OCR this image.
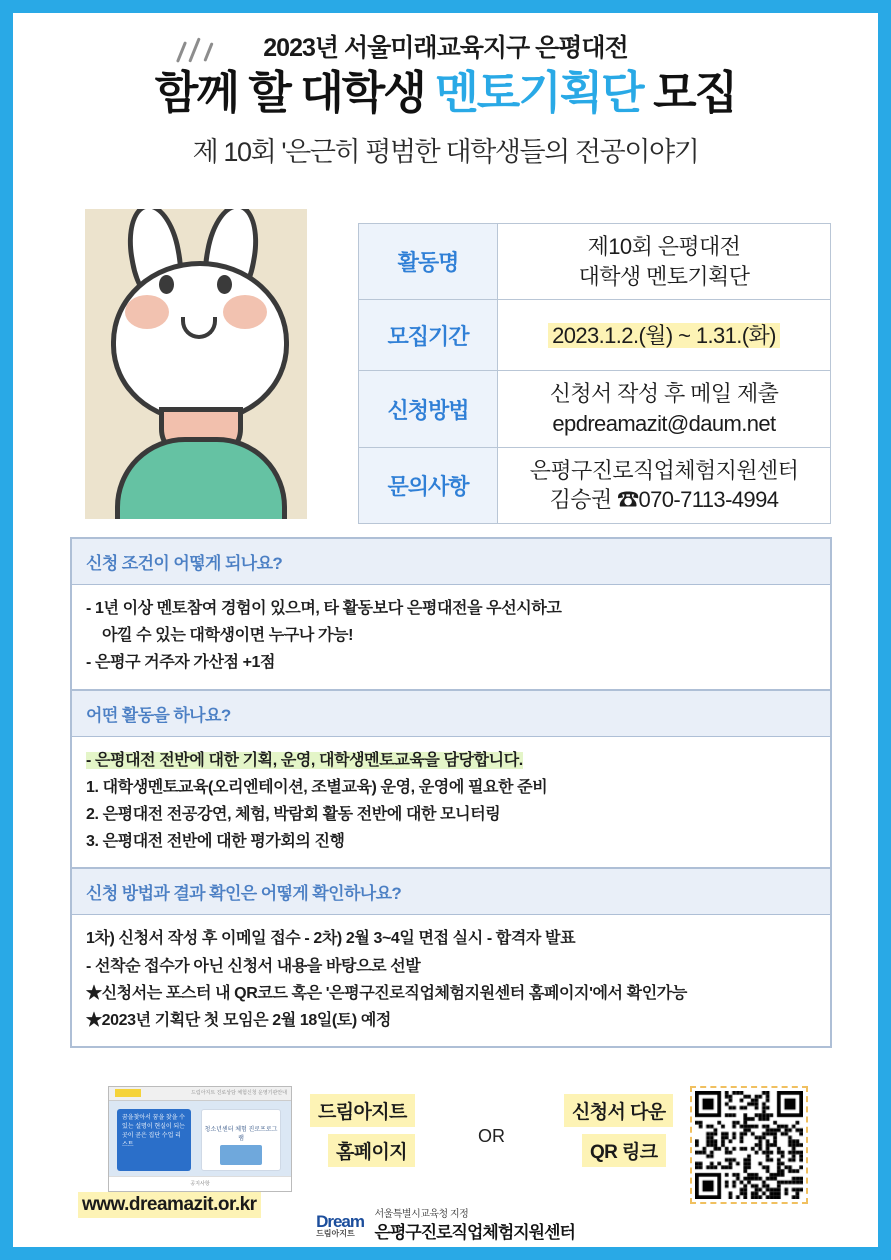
2023년 서울미래교육지구 은평대전
함께 할 대학생 멘토기획단 모집
제 10회 '은근히 평범한 대학생들의 전공이야기
활동명	제10회 은평대전
대학생 멘토기획단

모집기간	2023.1.2.(월) ~ 1.31.(화)

신청방법	신청서 작성 후 메일 제출
epdreamazit@daum.net

문의사항	은평구진로직업체험지원센터
김승권 ☎070-7113-4994
신청 조건이 어떻게 되나요?
- 1년 이상 멘토참여 경험이 있으며, 타 활동보다 은평대전을 우선시하고
아낄 수 있는 대학생이면 누구나 가능!
- 은평구 거주자 가산점 +1점
어떤 활동을 하나요?
- 은평대전 전반에 대한 기획, 운영, 대학생멘토교육을 담당합니다.
1. 대학생멘토교육(오리엔테이션, 조별교육) 운영, 운영에 필요한 준비
2. 은평대전 전공강연, 체험, 박람회 활동 전반에 대한 모니터링
3. 은평대전 전반에 대한 평가회의 진행
신청 방법과 결과 확인은 어떻게 확인하나요?
1차) 신청서 작성 후 이메일 접수 - 2차) 2월 3~4일 면접 실시 - 합격자 발표
- 선착순 접수가 아닌 신청서 내용을 바탕으로 선발
★신청서는 포스터 내 QR코드 혹은 '은평구진로직업체험지원센터 홈페이지'에서 확인가능
★2023년 기획단 첫 모임은 2월 18일(토) 예정
드림아지트 진로상담 체험신청 운영기관안내
꿈을찾아서 꿈을 찾을 수 있는 설명이 현실이 되는 곳이 곧은 집단 수업 리스트
청소년센터 체험 진로프로그램
공지사항
www.dreamazit.or.kr
드림아지트
홈페이지
OR
신청서 다운
QR 링크
Dream
드림아지트

서울특별시교육청 지정
은평구진로직업체험지원센터
